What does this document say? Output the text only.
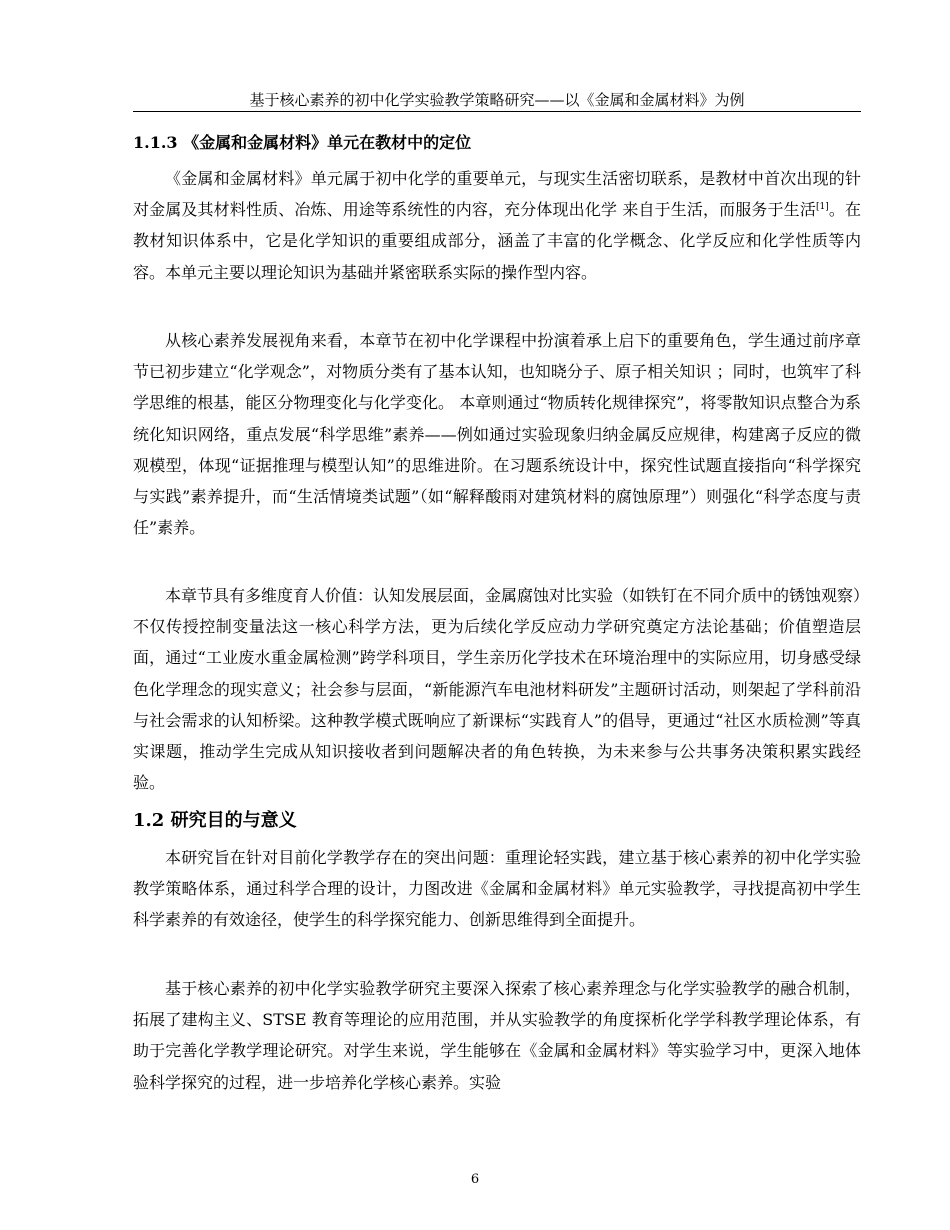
基于核心素养的初中化学实验教学策略研究——以《金属和金属材料》为例
1.1.3 《金属和金属材料》单元在教材中的定位

《金属和金属材料》单元属于初中化学的重要单元，与现实生活密切联系，是教材中首次出现的针对金属及其材料性质、冶炼、用途等系统性的内容，充分体现出化学 来自于生活，而服务于生活[1]。在教材知识体系中，它是化学知识的重要组成部分，涵盖了丰富的化学概念、化学反应和化学性质等内容。本单元主要以理论知识为基础并紧密联系实际的操作型内容。

从核心素养发展视角来看，本章节在初中化学课程中扮演着承上启下的重要角色，学生通过前序章节已初步建立“化学观念”，对物质分类有了基本认知，也知晓分子、原子相关知识 ；同时，也筑牢了科学思维的根基，能区分物理变化与化学变化。 本章则通过“物质转化规律探究”，将零散知识点整合为系统化知识网络，重点发展“科学思维”素养——例如通过实验现象归纳金属反应规律，构建离子反应的微观模型，体现“证据推理与模型认知”的思维进阶。在习题系统设计中，探究性试题直接指向“科学探究与实践”素养提升，而“生活情境类试题”（如“解释酸雨对建筑材料的腐蚀原理”）则强化“科学态度与责任”素养。

本章节具有多维度育人价值：认知发展层面，金属腐蚀对比实验（如铁钉在不同介质中的锈蚀观察）不仅传授控制变量法这一核心科学方法，更为后续化学反应动力学研究奠定方法论基础；价值塑造层面，通过“工业废水重金属检测”跨学科项目，学生亲历化学技术在环境治理中的实际应用，切身感受绿色化学理念的现实意义；社会参与层面，“新能源汽车电池材料研发”主题研讨活动，则架起了学科前沿与社会需求的认知桥梁。这种教学模式既响应了新课标“实践育人”的倡导，更通过“社区水质检测”等真实课题，推动学生完成从知识接收者到问题解决者的角色转换，为未来参与公共事务决策积累实践经验。

1.2 研究目的与意义

本研究旨在针对目前化学教学存在的突出问题：重理论轻实践，建立基于核心素养的初中化学实验教学策略体系，通过科学合理的设计，力图改进《金属和金属材料》单元实验教学，寻找提高初中学生科学素养的有效途径，使学生的科学探究能力、创新思维得到全面提升。

基于核心素养的初中化学实验教学研究主要深入探索了核心素养理念与化学实验教学的融合机制，拓展了建构主义、STSE 教育等理论的应用范围，并从实验教学的角度探析化学学科教学理论体系，有助于完善化学教学理论研究。对学生来说，学生能够在《金属和金属材料》等实验学习中，更深入地体验科学探究的过程，进一步培养化学核心素养。实验

6
